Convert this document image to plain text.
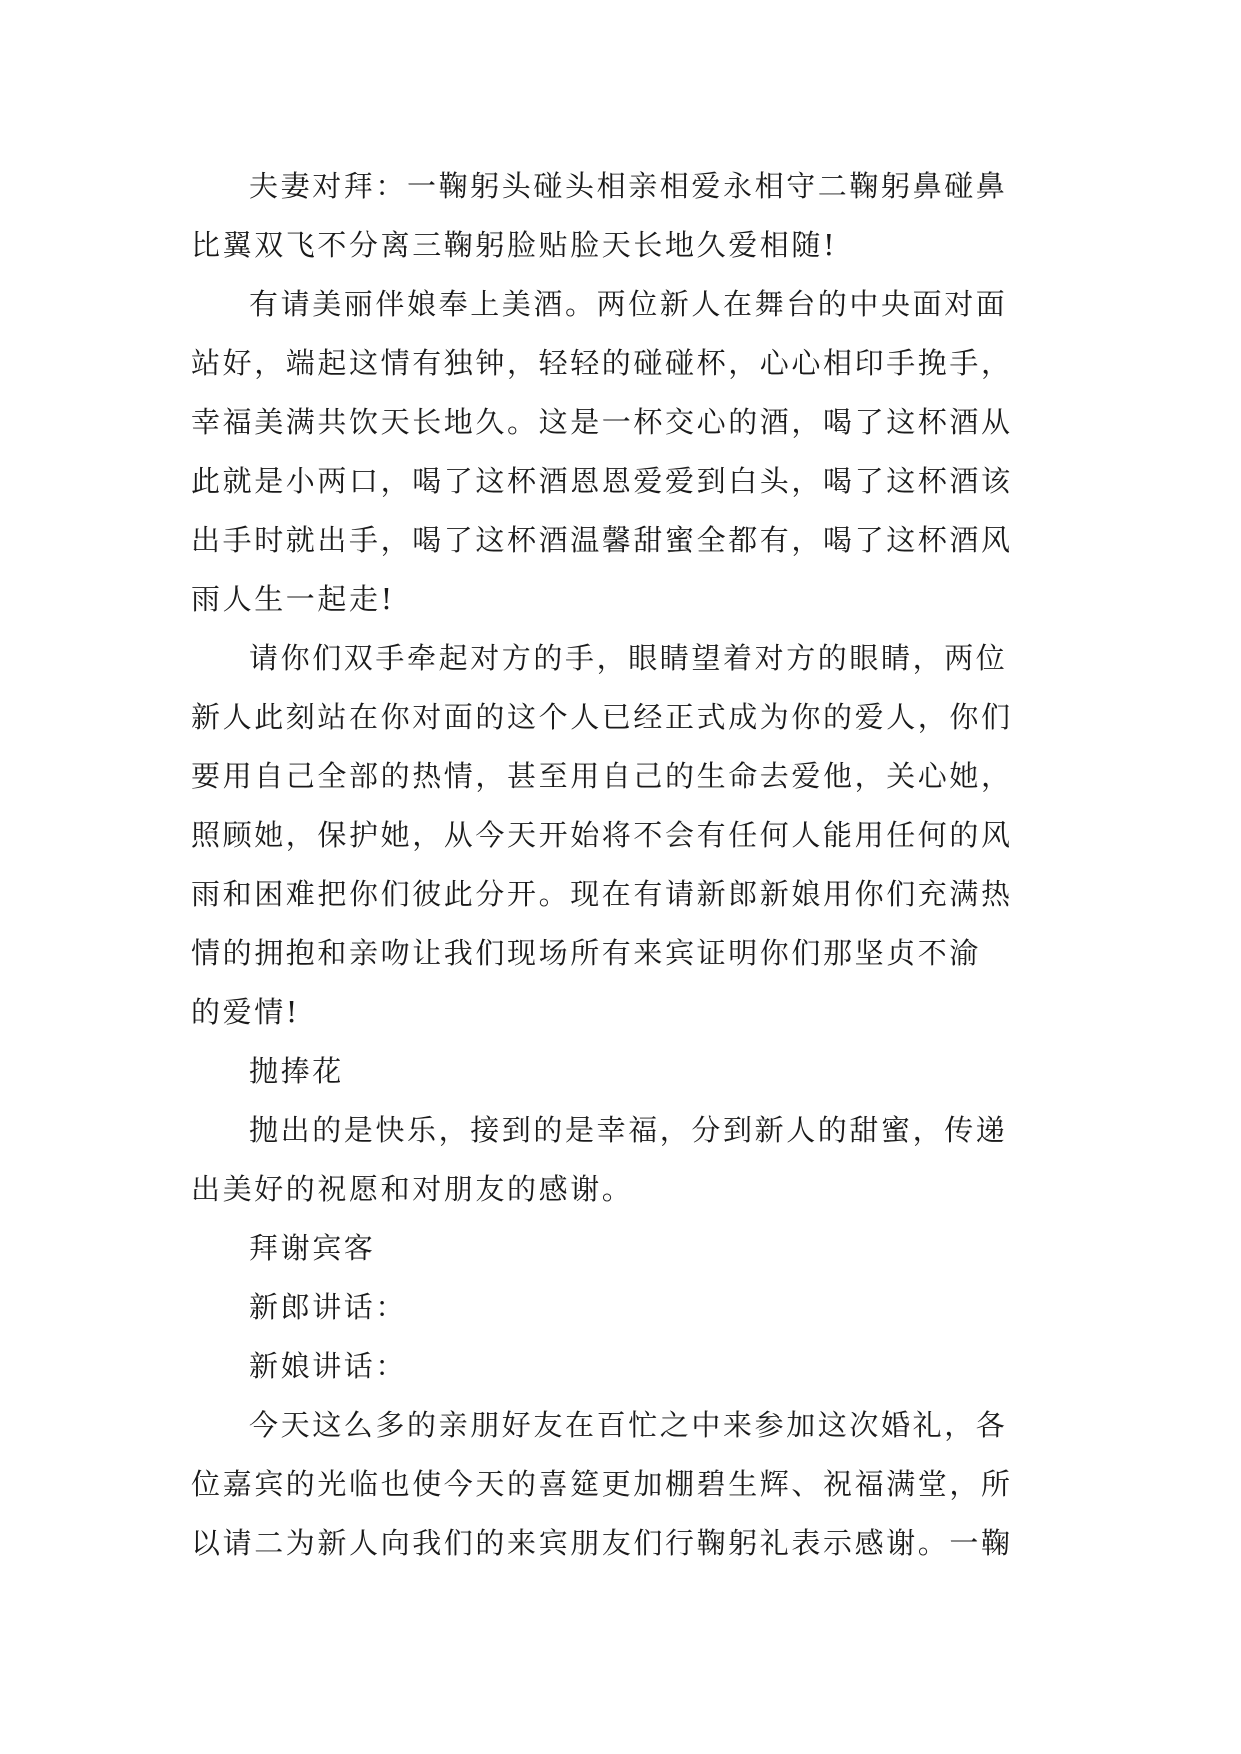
夫妻对拜：一鞠躬头碰头相亲相爱永相守二鞠躬鼻碰鼻
比翼双飞不分离三鞠躬脸贴脸天长地久爱相随!

有请美丽伴娘奉上美酒。两位新人在舞台的中央面对面
站好，端起这情有独钟，轻轻的碰碰杯，心心相印手挽手，
幸福美满共饮天长地久。这是一杯交心的酒，喝了这杯酒从
此就是小两口，喝了这杯酒恩恩爱爱到白头，喝了这杯酒该
出手时就出手，喝了这杯酒温馨甜蜜全都有，喝了这杯酒风
雨人生一起走!

请你们双手牵起对方的手，眼睛望着对方的眼睛，两位
新人此刻站在你对面的这个人已经正式成为你的爱人，你们
要用自己全部的热情，甚至用自己的生命去爱他，关心她，
照顾她，保护她，从今天开始将不会有任何人能用任何的风
雨和困难把你们彼此分开。现在有请新郎新娘用你们充满热
情的拥抱和亲吻让我们现场所有来宾证明你们那坚贞不渝
的爱情!

抛捧花

抛出的是快乐，接到的是幸福，分到新人的甜蜜，传递
出美好的祝愿和对朋友的感谢。

拜谢宾客

新郎讲话：

新娘讲话：

今天这么多的亲朋好友在百忙之中来参加这次婚礼，各
位嘉宾的光临也使今天的喜筵更加棚碧生辉、祝福满堂，所
以请二为新人向我们的来宾朋友们行鞠躬礼表示感谢。一鞠
